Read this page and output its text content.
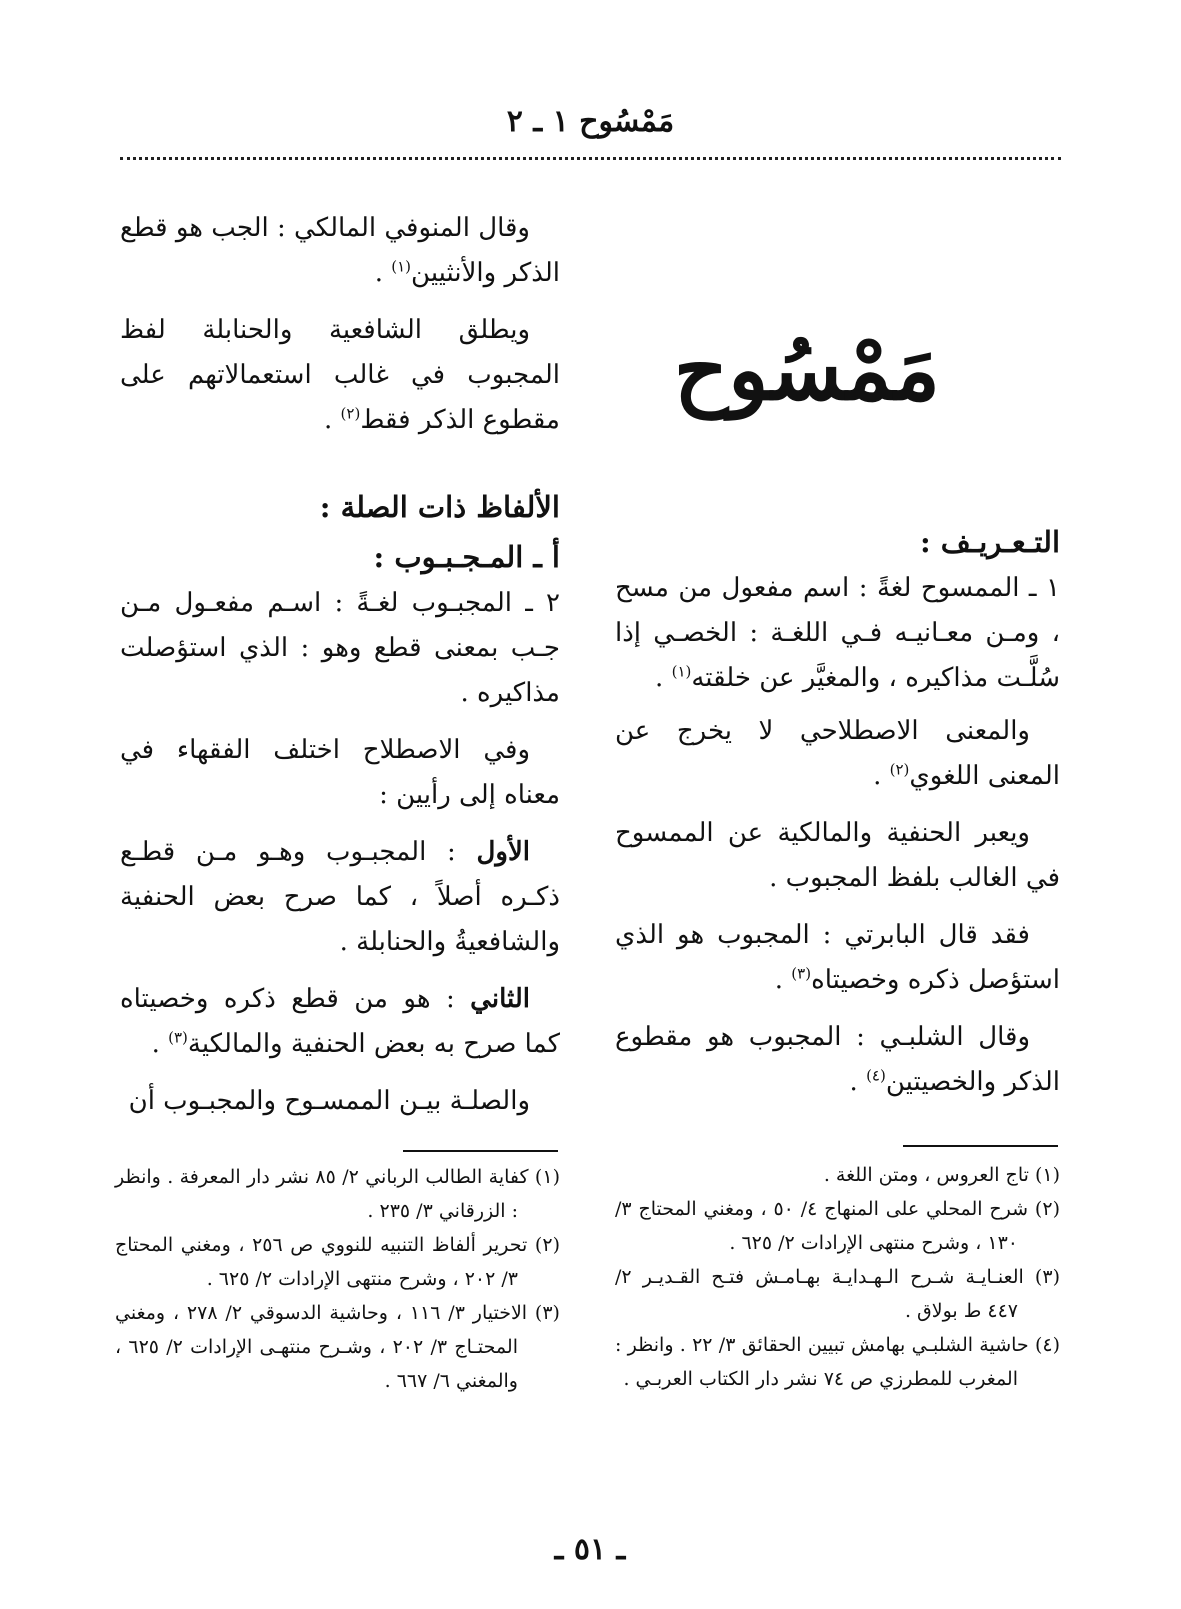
مَمْسُوح ١ ـ ٢
مَمْسُوح
التـعـريـف :

١ ـ الممسوح لغةً : اسم مفعول من مسح ، ومـن معـانيـه فـي اللغـة : الخصـي إذا سُلَّـت مذاكيره ، والمغيَّر عن خلقته$^{(١)}$ .

والمعنى الاصطلاحي لا يخرج عن المعنى اللغوي$^{(٢)}$ .

ويعبر الحنفية والمالكية عن الممسوح في الغالب بلفظ المجبوب .

فقد قال البابرتي : المجبوب هو الذي استؤصل ذكره وخصيتاه$^{(٣)}$ .

وقال الشلبـي : المجبوب هو مقطوع الذكر والخصيتين$^{(٤)}$ .

وقال المنوفي المالكي : الجب هو قطع الذكر والأنثيين$^{(١)}$ .

ويطلق الشافعية والحنابلة لفظ المجبوب في غالب استعمالاتهم على مقطوع الذكر فقط$^{(٢)}$ .

الألفاظ ذات الصلة :
أ ـ المـجـبـوب :

٢ ـ المجبـوب لغـةً : اسـم مفعـول مـن جـب بمعنى قطع وهو : الذي استؤصلت مذاكيره .

وفي الاصطلاح اختلف الفقهاء في معناه إلى رأيين :

الأول : المجبـوب وهـو مـن قطـع ذكـره أصلاً ، كما صرح بعض الحنفية والشافعيةُ والحنابلة .

الثاني : هو من قطع ذكره وخصيتاه كما صرح به بعض الحنفية والمالكية$^{(٣)}$ .

والصلـة بيـن الممسـوح والمجبـوب أن

(١) تاج العروس ، ومتن اللغة .

(٢) شرح المحلي على المنهاج ٤/ ٥٠ ، ومغني المحتاج ٣/ ١٣٠ ، وشرح منتهى الإرادات ٢/ ٦٢٥ .

(٣) العنـايـة شـرح الـهـدايـة بهـامـش فتـح القـديـر ٢/ ٤٤٧ ط بولاق .

(٤) حاشية الشلبـي بهامش تبيين الحقائق ٣/ ٢٢ . وانظر : المغرب للمطرزي ص ٧٤ نشر دار الكتاب العربـي .

(١) كفاية الطالب الرباني ٢/ ٨٥ نشر دار المعرفة . وانظر : الزرقاني ٣/ ٢٣٥ .

(٢) تحرير ألفاظ التنبيه للنووي ص ٢٥٦ ، ومغني المحتاج ٣/ ٢٠٢ ، وشرح منتهى الإرادات ٢/ ٦٢٥ .

(٣) الاختيار ٣/ ١١٦ ، وحاشية الدسوقي ٢/ ٢٧٨ ، ومغني المحتـاج ٣/ ٢٠٢ ، وشـرح منتهـى الإرادات ٢/ ٦٢٥ ، والمغني ٦/ ٦٦٧ .

ـ ٥١ ـ
